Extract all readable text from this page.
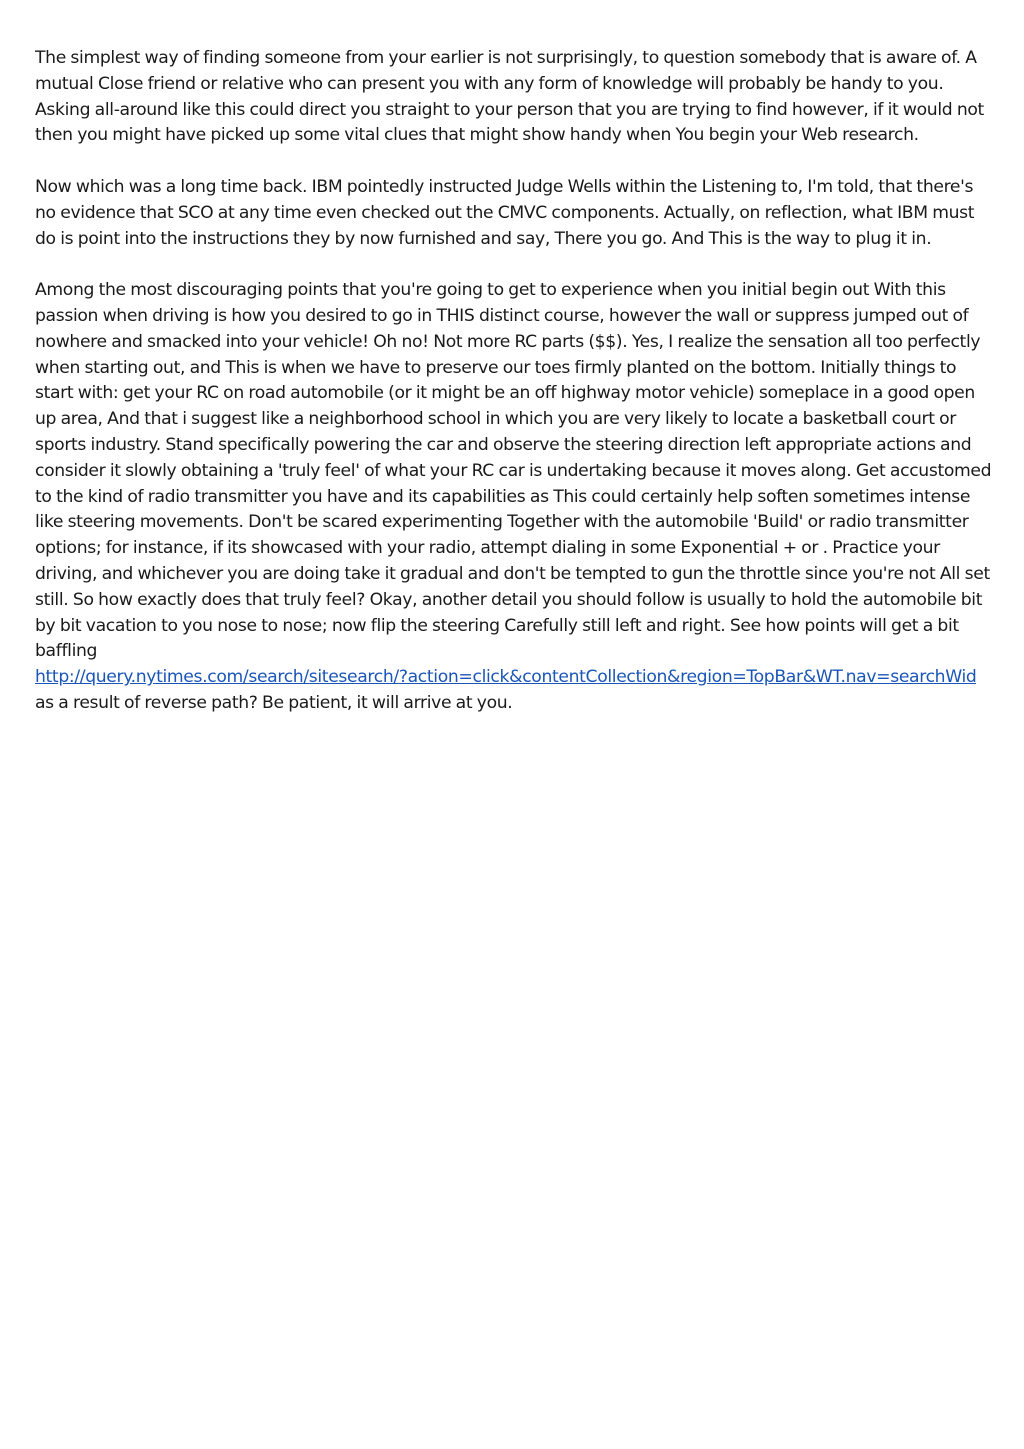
The simplest way of finding someone from your earlier is not surprisingly, to question somebody that is aware of. A mutual Close friend or relative who can present you with any form of knowledge will probably be handy to you. Asking all-around like this could direct you straight to your person that you are trying to find however, if it would not then you might have picked up some vital clues that might show handy when You begin your Web research.

Now which was a long time back. IBM pointedly instructed Judge Wells within the Listening to, I'm told, that there's no evidence that SCO at any time even checked out the CMVC components. Actually, on reflection, what IBM must do is point into the instructions they by now furnished and say, There you go. And This is the way to plug it in.

Among the most discouraging points that you're going to get to experience when you initial begin out With this passion when driving is how you desired to go in THIS distinct course, however the wall or suppress jumped out of nowhere and smacked into your vehicle! Oh no! Not more RC parts ($$). Yes, I realize the sensation all too perfectly when starting out, and This is when we have to preserve our toes firmly planted on the bottom. Initially things to start with: get your RC on road automobile (or it might be an off highway motor vehicle) someplace in a good open up area, And that i suggest like a neighborhood school in which you are very likely to locate a basketball court or sports industry. Stand specifically powering the car and observe the steering direction left appropriate actions and consider it slowly obtaining a 'truly feel' of what your RC car is undertaking because it moves along. Get accustomed to the kind of radio transmitter you have and its capabilities as This could certainly help soften sometimes intense like steering movements. Don't be scared experimenting Together with the automobile 'Build' or radio transmitter options; for instance, if its showcased with your radio, attempt dialing in some Exponential + or . Practice your driving, and whichever you are doing take it gradual and don't be tempted to gun the throttle since you're not All set still. So how exactly does that truly feel? Okay, another detail you should follow is usually to hold the automobile bit by bit vacation to you nose to nose; now flip the steering Carefully still left and right. See how points will get a bit baffling
http://query.nytimes.com/search/sitesearch/?action=click&contentCollection&region=TopBar&WT.nav=searchWid
as a result of reverse path? Be patient, it will arrive at you.
